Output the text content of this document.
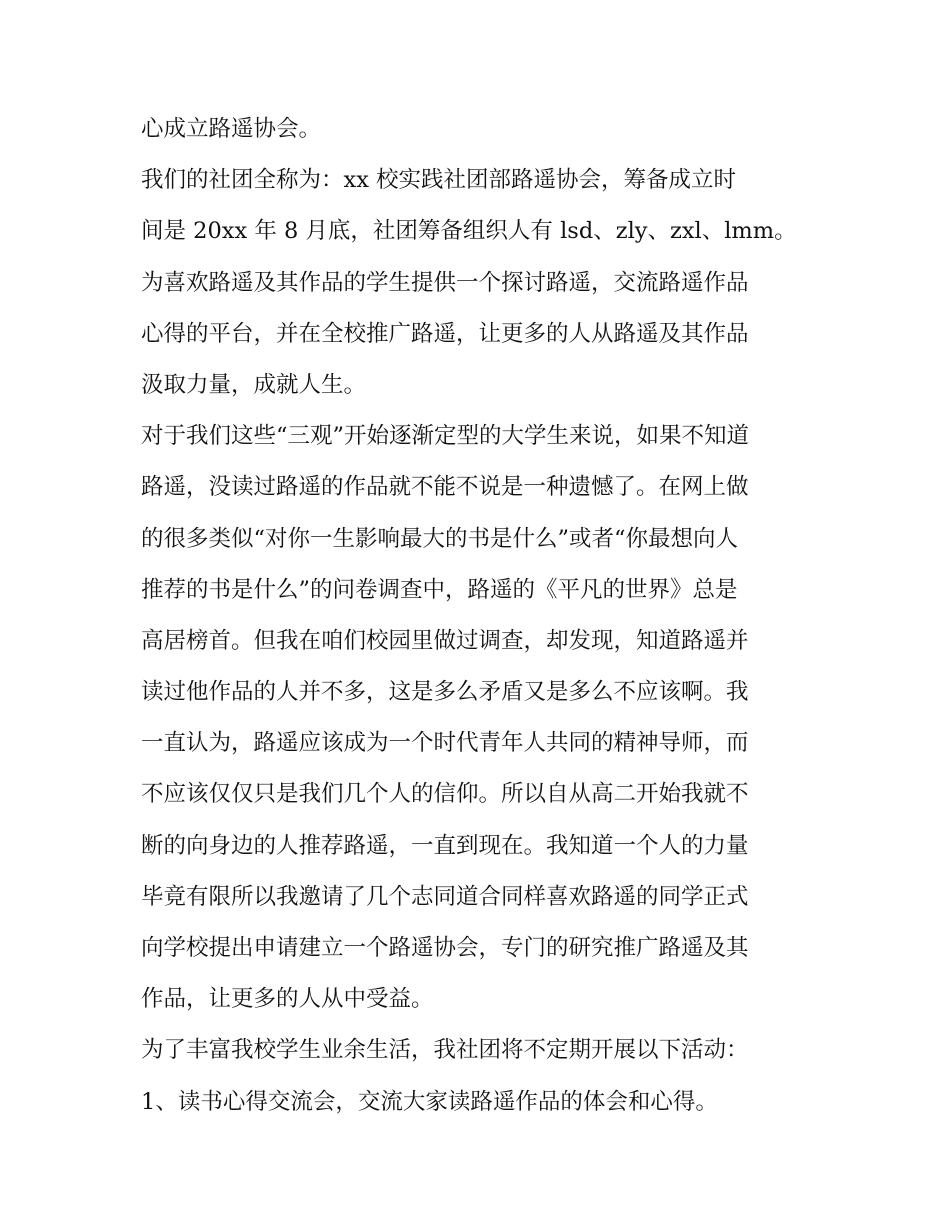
心成立路遥协会。
我们的社团全称为：xx 校实践社团部路遥协会，筹备成立时
间是 20xx 年 8 月底，社团筹备组织人有 lsd、zly、zxl、lmm。
为喜欢路遥及其作品的学生提供一个探讨路遥，交流路遥作品
心得的平台，并在全校推广路遥，让更多的人从路遥及其作品
汲取力量，成就人生。
对于我们这些“三观”开始逐渐定型的大学生来说，如果不知道
路遥，没读过路遥的作品就不能不说是一种遗憾了。在网上做
的很多类似“对你一生影响最大的书是什么”或者“你最想向人
推荐的书是什么”的问卷调查中，路遥的《平凡的世界》总是
高居榜首。但我在咱们校园里做过调查，却发现，知道路遥并
读过他作品的人并不多，这是多么矛盾又是多么不应该啊。我
一直认为，路遥应该成为一个时代青年人共同的精神导师，而
不应该仅仅只是我们几个人的信仰。所以自从高二开始我就不
断的向身边的人推荐路遥，一直到现在。我知道一个人的力量
毕竟有限所以我邀请了几个志同道合同样喜欢路遥的同学正式
向学校提出申请建立一个路遥协会，专门的研究推广路遥及其
作品，让更多的人从中受益。
为了丰富我校学生业余生活，我社团将不定期开展以下活动：
1、读书心得交流会，交流大家读路遥作品的体会和心得。
